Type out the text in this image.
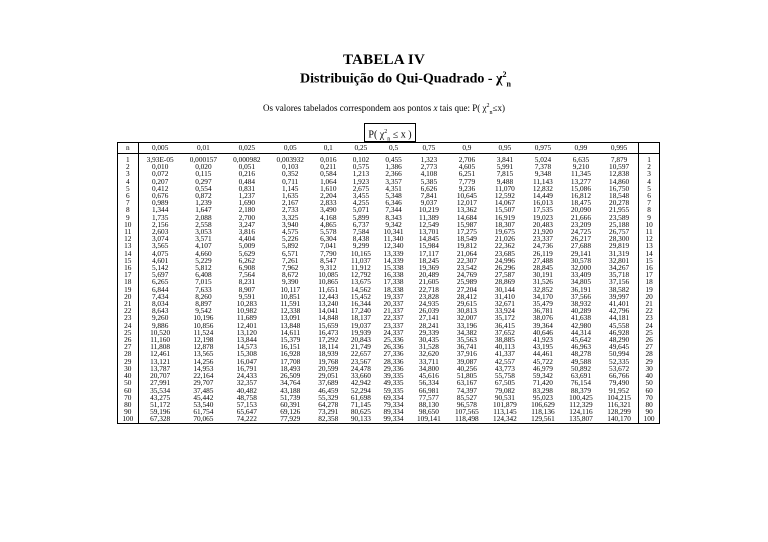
TABELA IV
Distribuição do Qui-Quadrado - $\chi^2_n$
Os valores tabelados correspondem aos pontos x tais que: P( $\chi^2_n\le x$)
P( $\chi^2_n \le x$ )
n	0,005	0,01	0,025	0,05	0,1	0,25	0,5	0,75	0,9	0,95	0,975	0,99	0,995	
1	3,93E-05	0,000157	0,000982	0,003932	0,016	0,102	0,455	1,323	2,706	3,841	5,024	6,635	7,879	1
2	0,010	0,020	0,051	0,103	0,211	0,575	1,386	2,773	4,605	5,991	7,378	9,210	10,597	2
3	0,072	0,115	0,216	0,352	0,584	1,213	2,366	4,108	6,251	7,815	9,348	11,345	12,838	3
4	0,207	0,297	0,484	0,711	1,064	1,923	3,357	5,385	7,779	9,488	11,143	13,277	14,860	4
5	0,412	0,554	0,831	1,145	1,610	2,675	4,351	6,626	9,236	11,070	12,832	15,086	16,750	5
6	0,676	0,872	1,237	1,635	2,204	3,455	5,348	7,841	10,645	12,592	14,449	16,812	18,548	6
7	0,989	1,239	1,690	2,167	2,833	4,255	6,346	9,037	12,017	14,067	16,013	18,475	20,278	7
8	1,344	1,647	2,180	2,733	3,490	5,071	7,344	10,219	13,362	15,507	17,535	20,090	21,955	8
9	1,735	2,088	2,700	3,325	4,168	5,899	8,343	11,389	14,684	16,919	19,023	21,666	23,589	9
10	2,156	2,558	3,247	3,940	4,865	6,737	9,342	12,549	15,987	18,307	20,483	23,209	25,188	10
11	2,603	3,053	3,816	4,575	5,578	7,584	10,341	13,701	17,275	19,675	21,920	24,725	26,757	11
12	3,074	3,571	4,404	5,226	6,304	8,438	11,340	14,845	18,549	21,026	23,337	26,217	28,300	12
13	3,565	4,107	5,009	5,892	7,041	9,299	12,340	15,984	19,812	22,362	24,736	27,688	29,819	13
14	4,075	4,660	5,629	6,571	7,790	10,165	13,339	17,117	21,064	23,685	26,119	29,141	31,319	14
15	4,601	5,229	6,262	7,261	8,547	11,037	14,339	18,245	22,307	24,996	27,488	30,578	32,801	15
16	5,142	5,812	6,908	7,962	9,312	11,912	15,338	19,369	23,542	26,296	28,845	32,000	34,267	16
17	5,697	6,408	7,564	8,672	10,085	12,792	16,338	20,489	24,769	27,587	30,191	33,409	35,718	17
18	6,265	7,015	8,231	9,390	10,865	13,675	17,338	21,605	25,989	28,869	31,526	34,805	37,156	18
19	6,844	7,633	8,907	10,117	11,651	14,562	18,338	22,718	27,204	30,144	32,852	36,191	38,582	19
20	7,434	8,260	9,591	10,851	12,443	15,452	19,337	23,828	28,412	31,410	34,170	37,566	39,997	20
21	8,034	8,897	10,283	11,591	13,240	16,344	20,337	24,935	29,615	32,671	35,479	38,932	41,401	21
22	8,643	9,542	10,982	12,338	14,041	17,240	21,337	26,039	30,813	33,924	36,781	40,289	42,796	22
23	9,260	10,196	11,689	13,091	14,848	18,137	22,337	27,141	32,007	35,172	38,076	41,638	44,181	23
24	9,886	10,856	12,401	13,848	15,659	19,037	23,337	28,241	33,196	36,415	39,364	42,980	45,558	24
25	10,520	11,524	13,120	14,611	16,473	19,939	24,337	29,339	34,382	37,652	40,646	44,314	46,928	25
26	11,160	12,198	13,844	15,379	17,292	20,843	25,336	30,435	35,563	38,885	41,923	45,642	48,290	26
27	11,808	12,878	14,573	16,151	18,114	21,749	26,336	31,528	36,741	40,113	43,195	46,963	49,645	27
28	12,461	13,565	15,308	16,928	18,939	22,657	27,336	32,620	37,916	41,337	44,461	48,278	50,994	28
29	13,121	14,256	16,047	17,708	19,768	23,567	28,336	33,711	39,087	42,557	45,722	49,588	52,335	29
30	13,787	14,953	16,791	18,493	20,599	24,478	29,336	34,800	40,256	43,773	46,979	50,892	53,672	30
40	20,707	22,164	24,433	26,509	29,051	33,660	39,335	45,616	51,805	55,758	59,342	63,691	66,766	40
50	27,991	29,707	32,357	34,764	37,689	42,942	49,335	56,334	63,167	67,505	71,420	76,154	79,490	50
60	35,534	37,485	40,482	43,188	46,459	52,294	59,335	66,981	74,397	79,082	83,298	88,379	91,952	60
70	43,275	45,442	48,758	51,739	55,329	61,698	69,334	77,577	85,527	90,531	95,023	100,425	104,215	70
80	51,172	53,540	57,153	60,391	64,278	71,145	79,334	88,130	96,578	101,879	106,629	112,329	116,321	80
90	59,196	61,754	65,647	69,126	73,291	80,625	89,334	98,650	107,565	113,145	118,136	124,116	128,299	90
100	67,328	70,065	74,222	77,929	82,358	90,133	99,334	109,141	118,498	124,342	129,561	135,807	140,170	100
